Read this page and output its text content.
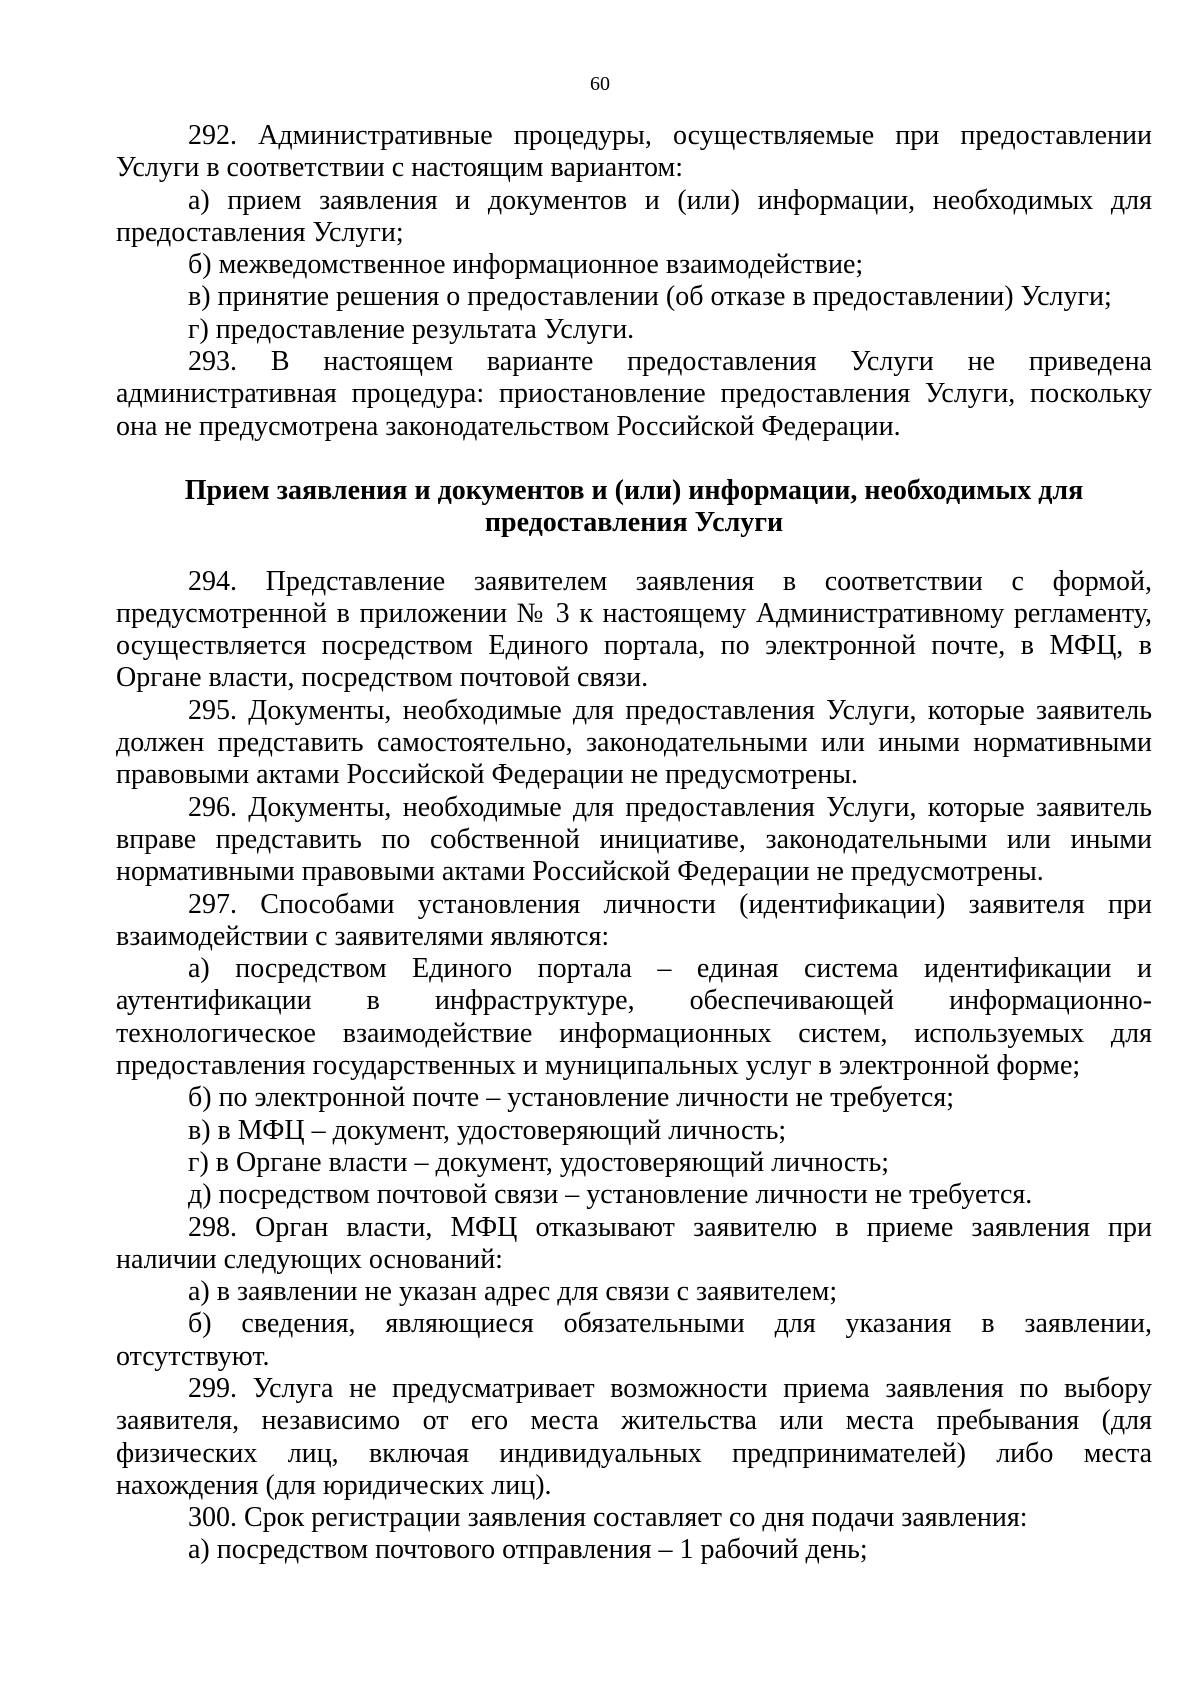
60

292. Административные процедуры, осуществляемые при предоставлении Услуги в соответствии с настоящим вариантом:

а) прием заявления и документов и (или) информации, необходимых для предоставления Услуги;

б) межведомственное информационное взаимодействие;

в) принятие решения о предоставлении (об отказе в предоставлении) Услуги;

г) предоставление результата Услуги.

293. В настоящем варианте предоставления Услуги не приведена административная процедура: приостановление предоставления Услуги, поскольку она не предусмотрена законодательством Российской Федерации.

Прием заявления и документов и (или) информации, необходимых для
предоставления Услуги

294. Представление заявителем заявления в соответствии с формой, предусмотренной в приложении № 3 к настоящему Административному регламенту, осуществляется посредством Единого портала, по электронной почте, в МФЦ, в Органе власти, посредством почтовой связи.

295. Документы, необходимые для предоставления Услуги, которые заявитель должен представить самостоятельно, законодательными или иными нормативными правовыми актами Российской Федерации не предусмотрены.

296. Документы, необходимые для предоставления Услуги, которые заявитель вправе представить по собственной инициативе, законодательными или иными нормативными правовыми актами Российской Федерации не предусмотрены.

297. Способами установления личности (идентификации) заявителя при взаимодействии с заявителями являются:

а) посредством Единого портала – единая система идентификации и аутентификации в инфраструктуре, обеспечивающей информационно-технологическое взаимодействие информационных систем, используемых для предоставления государственных и муниципальных услуг в электронной форме;

б) по электронной почте – установление личности не требуется;

в) в МФЦ – документ, удостоверяющий личность;

г) в Органе власти – документ, удостоверяющий личность;

д) посредством почтовой связи – установление личности не требуется.

298. Орган власти, МФЦ отказывают заявителю в приеме заявления при наличии следующих оснований:

а) в заявлении не указан адрес для связи с заявителем;

б) сведения, являющиеся обязательными для указания в заявлении, отсутствуют.

299. Услуга не предусматривает возможности приема заявления по выбору заявителя, независимо от его места жительства или места пребывания (для физических лиц, включая индивидуальных предпринимателей) либо места нахождения (для юридических лиц).

300. Срок регистрации заявления составляет со дня подачи заявления:

а) посредством почтового отправления – 1 рабочий день;
